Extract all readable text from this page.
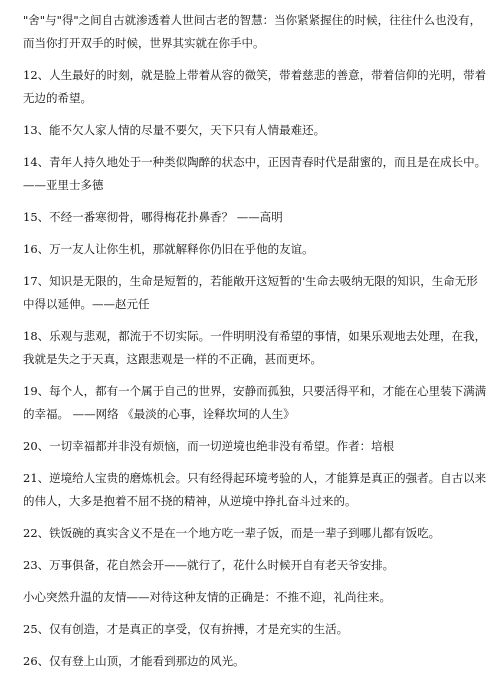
"舍"与"得"之间自古就渗透着人世间古老的智慧：当你紧紧握住的时候，往往什么也没有，
而当你打开双手的时候，世界其实就在你手中。
12、人生最好的时刻，就是脸上带着从容的微笑，带着慈悲的善意，带着信仰的光明，带着
无边的希望。
13、能不欠人家人情的尽量不要欠，天下只有人情最难还。
14、青年人持久地处于一种类似陶醉的状态中，正因青春时代是甜蜜的，而且是在成长中。
——亚里士多德
15、不经一番寒彻骨，哪得梅花扑鼻香？ ——高明
16、万一友人让你生机，那就解释你仍旧在乎他的友谊。
17、知识是无限的，生命是短暂的，若能敞开这短暂的'生命去吸纳无限的知识，生命无形
中得以延伸。——赵元任
18、乐观与悲观，都流于不切实际。一件明明没有希望的事情，如果乐观地去处理，在我，
我就是失之于天真，这跟悲观是一样的不正确，甚而更坏。
19、每个人，都有一个属于自己的世界，安静而孤独，只要活得平和，才能在心里装下满满
的幸福。 ——网络 《最淡的心事，诠释坎坷的人生》
20、一切幸福都并非没有烦恼，而一切逆境也绝非没有希望。作者：培根
21、逆境给人宝贵的磨炼机会。只有经得起环境考验的人，才能算是真正的强者。自古以来
的伟人，大多是抱着不屈不挠的精神，从逆境中挣扎奋斗过来的。
22、铁饭碗的真实含义不是在一个地方吃一辈子饭，而是一辈子到哪儿都有饭吃。
23、万事俱备，花自然会开——就行了，花什么时候开自有老天爷安排。
小心突然升温的友情——对待这种友情的正确是：不推不迎，礼尚往来。
25、仅有创造，才是真正的享受，仅有拚搏，才是充实的生活。
26、仅有登上山顶，才能看到那边的风光。
